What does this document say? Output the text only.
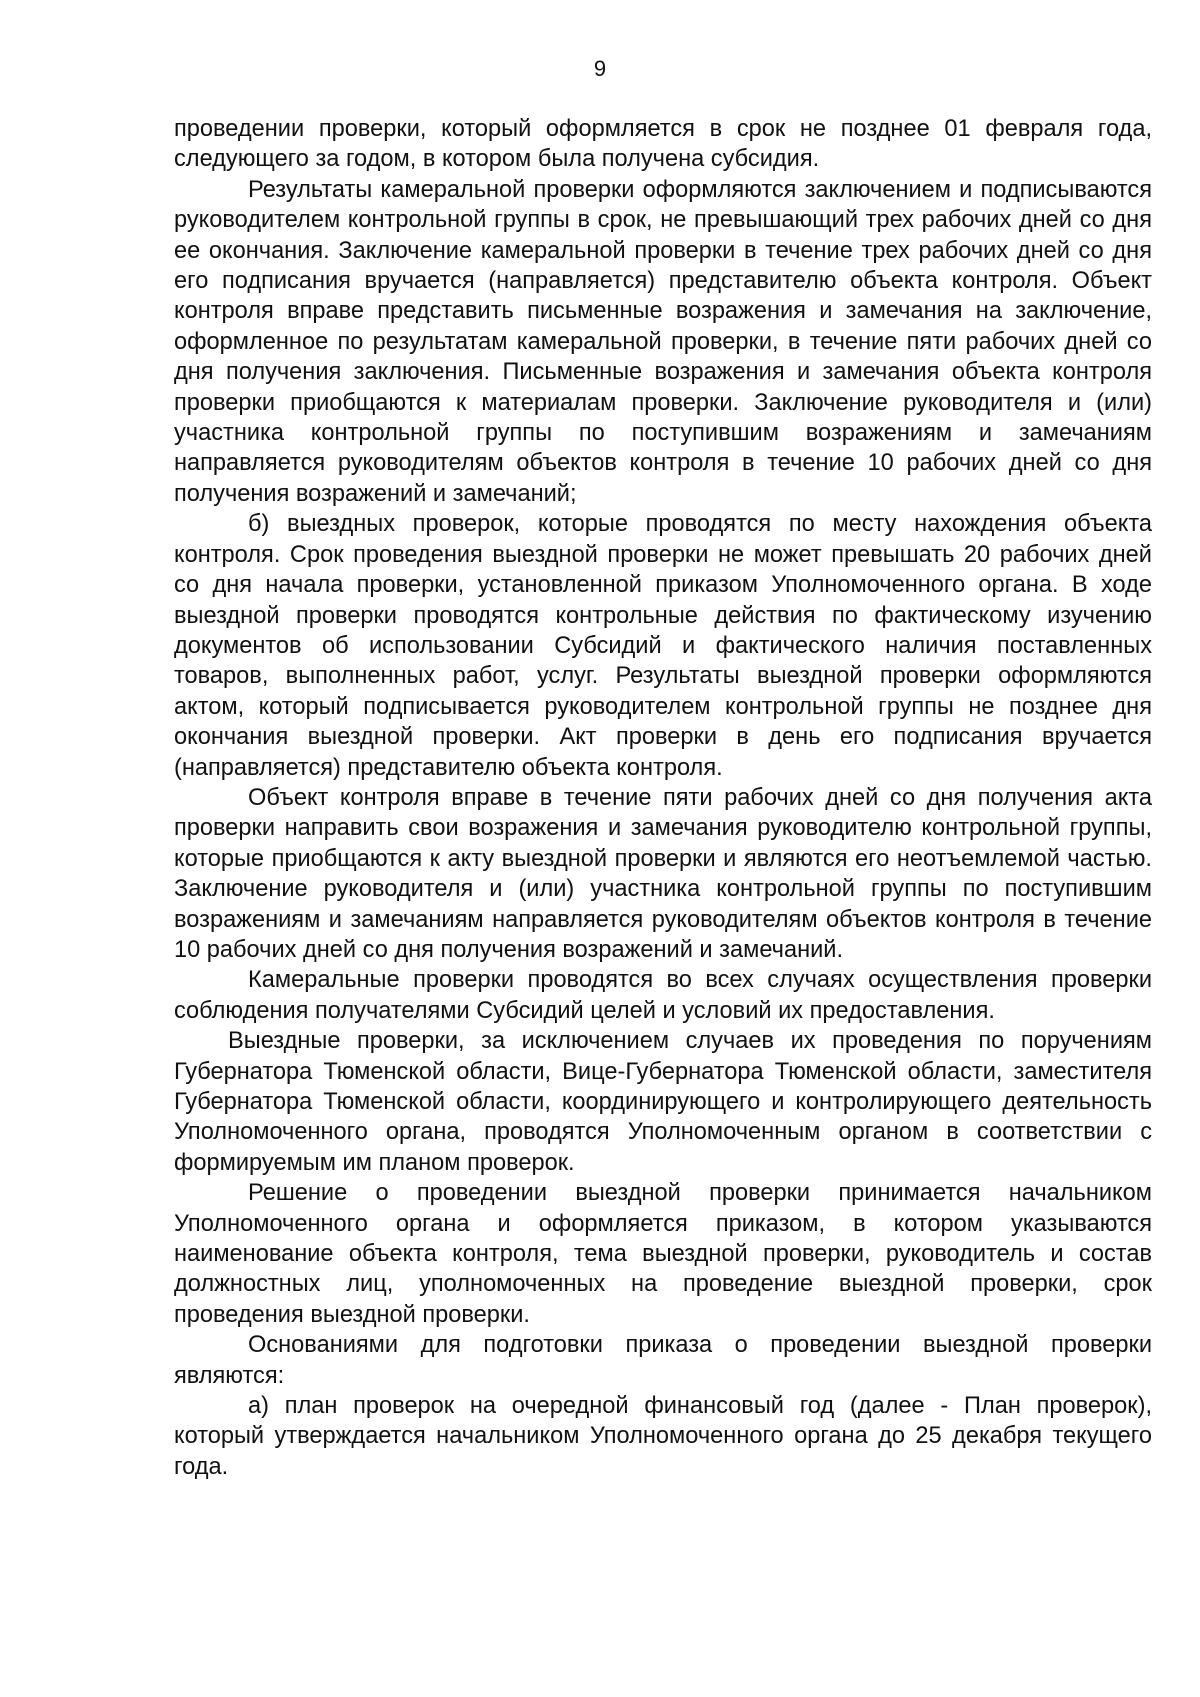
9

проведении проверки, который оформляется в срок не позднее 01 февраля года, следующего за годом, в котором была получена субсидия.

Результаты камеральной проверки оформляются заключением и подписываются руководителем контрольной группы в срок, не превышающий трех рабочих дней со дня ее окончания. Заключение камеральной проверки в течение трех рабочих дней со дня его подписания вручается (направляется) представителю объекта контроля. Объект контроля вправе представить письменные возражения и замечания на заключение, оформленное по результатам камеральной проверки, в течение пяти рабочих дней со дня получения заключения. Письменные возражения и замечания объекта контроля проверки приобщаются к материалам проверки. Заключение руководителя и (или) участника контрольной группы по поступившим возражениям и замечаниям направляется руководителям объектов контроля в течение 10 рабочих дней со дня получения возражений и замечаний;

б) выездных проверок, которые проводятся по месту нахождения объекта контроля. Срок проведения выездной проверки не может превышать 20 рабочих дней со дня начала проверки, установленной приказом Уполномоченного органа. В ходе выездной проверки проводятся контрольные действия по фактическому изучению документов об использовании Субсидий и фактического наличия поставленных товаров, выполненных работ, услуг. Результаты выездной проверки оформляются актом, который подписывается руководителем контрольной группы не позднее дня окончания выездной проверки. Акт проверки в день его подписания вручается (направляется) представителю объекта контроля.

Объект контроля вправе в течение пяти рабочих дней со дня получения акта проверки направить свои возражения и замечания руководителю контрольной группы, которые приобщаются к акту выездной проверки и являются его неотъемлемой частью. Заключение руководителя и (или) участника контрольной группы по поступившим возражениям и замечаниям направляется руководителям объектов контроля в течение 10 рабочих дней со дня получения возражений и замечаний.

Камеральные проверки проводятся во всех случаях осуществления проверки соблюдения получателями Субсидий целей и условий их предоставления.

Выездные проверки, за исключением случаев их проведения по поручениям Губернатора Тюменской области, Вице-Губернатора Тюменской области, заместителя Губернатора Тюменской области, координирующего и контролирующего деятельность Уполномоченного органа, проводятся Уполномоченным органом в соответствии с формируемым им планом проверок.

Решение о проведении выездной проверки принимается начальником Уполномоченного органа и оформляется приказом, в котором указываются наименование объекта контроля, тема выездной проверки, руководитель и состав должностных лиц, уполномоченных на проведение выездной проверки, срок проведения выездной проверки.

Основаниями для подготовки приказа о проведении выездной проверки являются:

а) план проверок на очередной финансовый год (далее - План проверок), который утверждается начальником Уполномоченного органа до 25 декабря текущего года.
